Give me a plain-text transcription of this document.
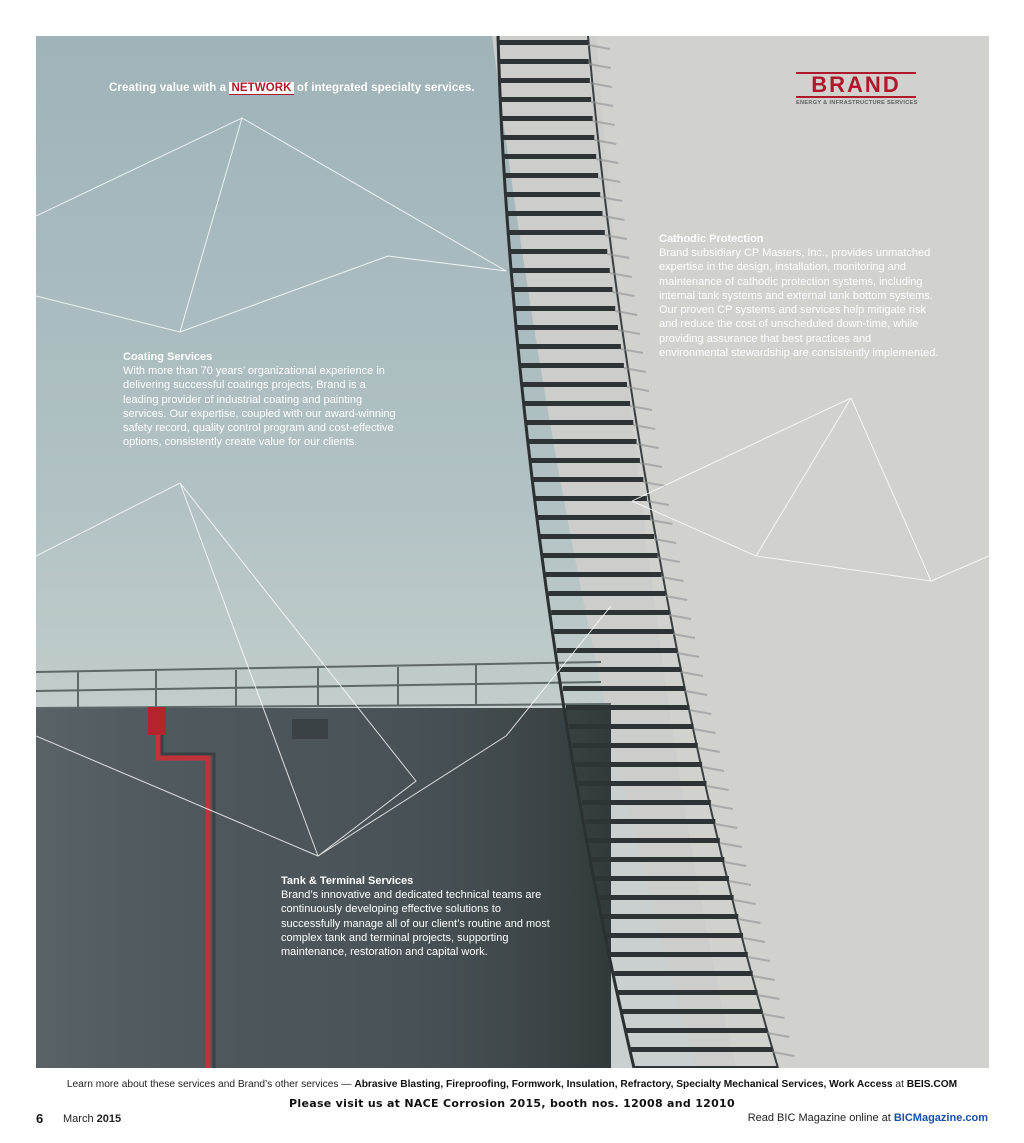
Creating value with a NETWORK of integrated specialty services.	BRAND
ENERGY & INFRASTRUCTURE SERVICES
Coating Services

With more than 70 years’ organizational experience in delivering successful coatings projects, Brand is a leading provider of industrial coating and painting services. Our expertise, coupled with our award-winning safety record, quality control program and cost-effective options, consistently create value for our clients.

Cathodic Protection

Brand subsidiary CP Masters, Inc., provides unmatched expertise in the design, installation, monitoring and maintenance of cathodic protection systems, including internal tank systems and external tank bottom systems. Our proven CP systems and services help mitigate risk and reduce the cost of unscheduled down-time, while providing assurance that best practices and environmental stewardship are consistently implemented.

Tank & Terminal Services

Brand’s innovative and dedicated technical teams are continuously developing effective solutions to successfully manage all of our client’s routine and most complex tank and terminal projects, supporting maintenance, restoration and capital work.

Learn more about these services and Brand’s other services — Abrasive Blasting, Fireproofing, Formwork, Insulation, Refractory, Specialty Mechanical Services, Work Access at BEIS.COM
Please visit us at NACE Corrosion 2015, booth nos. 12008 and 12010
6 March 2015	Read BIC Magazine online at BICMagazine.com
